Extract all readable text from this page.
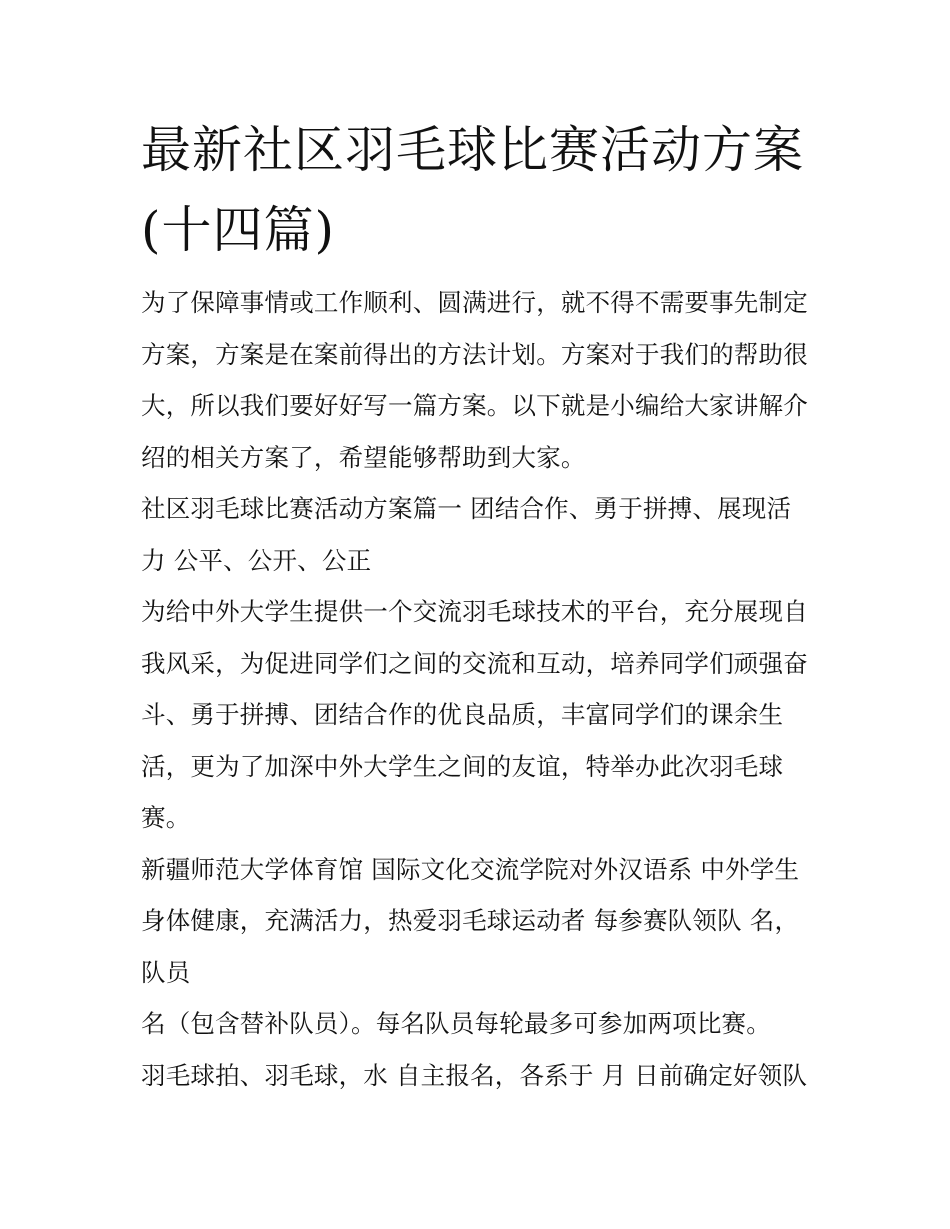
最新社区羽毛球比赛活动方案
(十四篇)

为了保障事情或工作顺利、圆满进行，就不得不需要事先制定

方案，方案是在案前得出的方法计划。方案对于我们的帮助很

大，所以我们要好好写一篇方案。以下就是小编给大家讲解介

绍的相关方案了，希望能够帮助到大家。

社区羽毛球比赛活动方案篇一 团结合作、勇于拼搏、展现活

力 公平、公开、公正

为给中外大学生提供一个交流羽毛球技术的平台，充分展现自

我风采，为促进同学们之间的交流和互动，培养同学们顽强奋

斗、勇于拼搏、团结合作的优良品质，丰富同学们的课余生

活，更为了加深中外大学生之间的友谊，特举办此次羽毛球

赛。

新疆师范大学体育馆 国际文化交流学院对外汉语系 中外学生

身体健康，充满活力，热爱羽毛球运动者 每参赛队领队 名，

队员

名（包含替补队员）。每名队员每轮最多可参加两项比赛。

羽毛球拍、羽毛球，水 自主报名，各系于 月 日前确定好领队
